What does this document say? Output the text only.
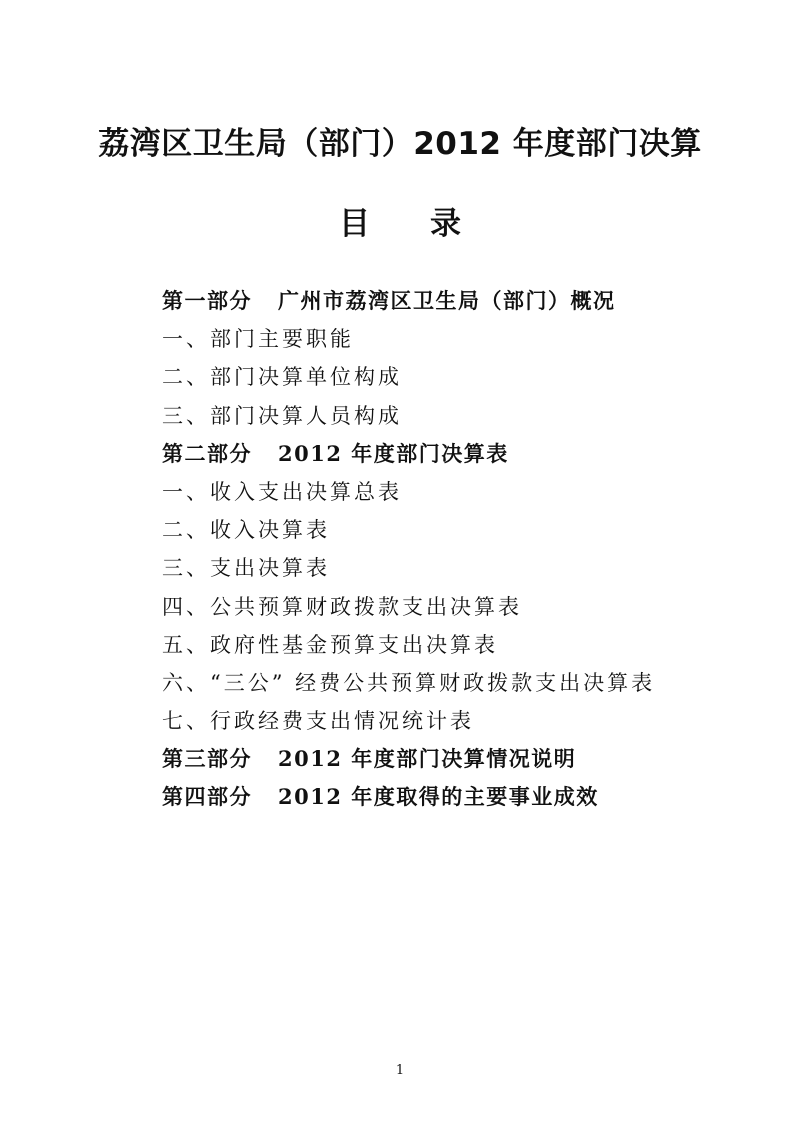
荔湾区卫生局（部门）2012 年度部门决算
目录
第一部分 广州市荔湾区卫生局（部门）概况
一、部门主要职能
二、部门决算单位构成
三、部门决算人员构成
第二部分 2012 年度部门决算表
一、收入支出决算总表
二、收入决算表
三、支出决算表
四、公共预算财政拨款支出决算表
五、政府性基金预算支出决算表
六、“三公” 经费公共预算财政拨款支出决算表
七、行政经费支出情况统计表
第三部分 2012 年度部门决算情况说明
第四部分 2012 年度取得的主要事业成效
1
